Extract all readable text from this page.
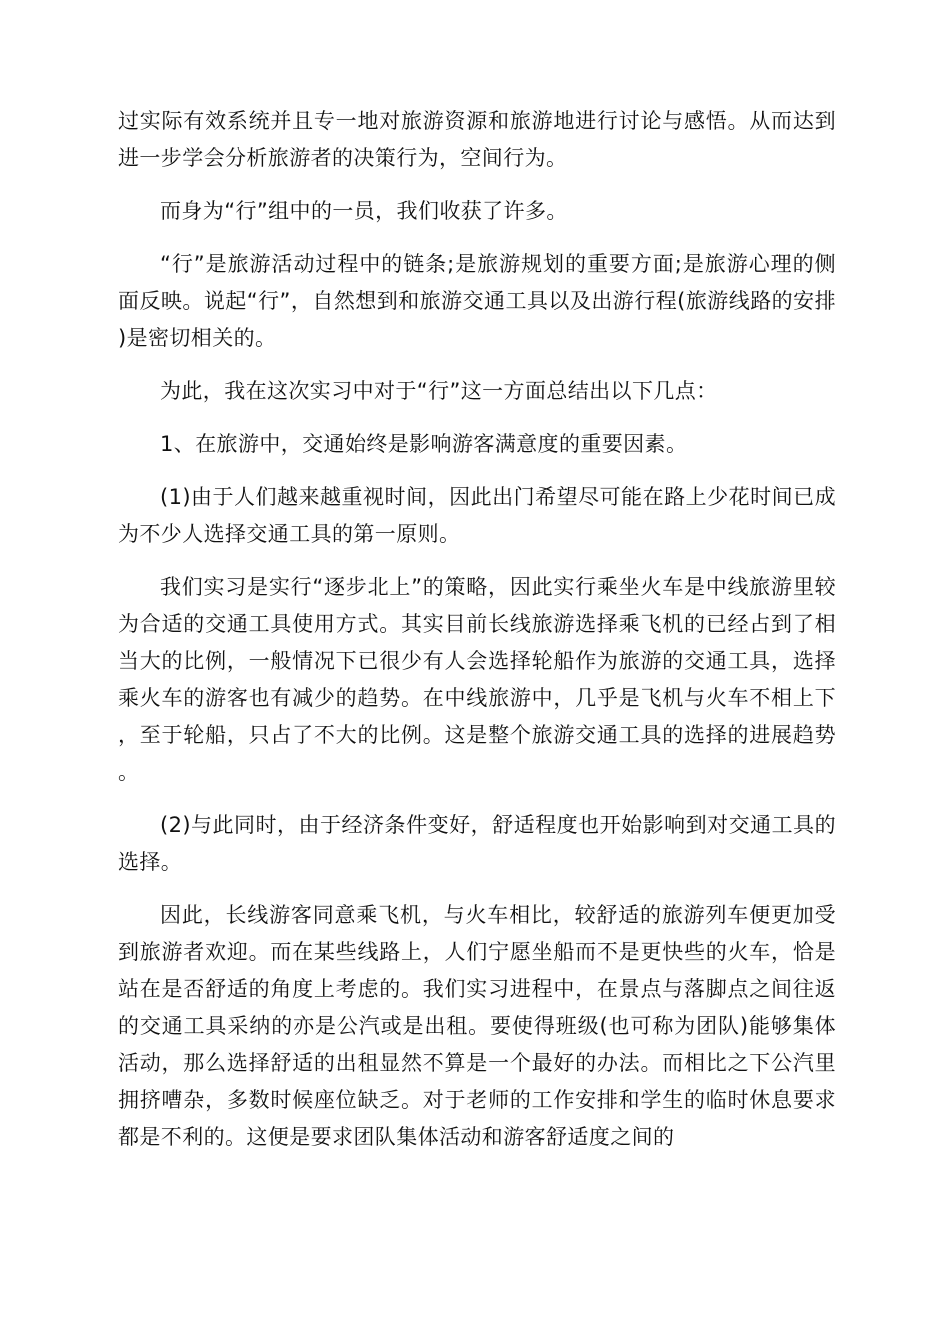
过实际有效系统并且专一地对旅游资源和旅游地进行讨论与感悟。从而达到进一步学会分析旅游者的决策行为，空间行为。

而身为“行”组中的一员，我们收获了许多。

“行”是旅游活动过程中的链条;是旅游规划的重要方面;是旅游心理的侧面反映。说起“行”，自然想到和旅游交通工具以及出游行程(旅游线路的安排)是密切相关的。

为此，我在这次实习中对于“行”这一方面总结出以下几点：

1、在旅游中，交通始终是影响游客满意度的重要因素。

(1)由于人们越来越重视时间，因此出门希望尽可能在路上少花时间已成为不少人选择交通工具的第一原则。

我们实习是实行“逐步北上”的策略，因此实行乘坐火车是中线旅游里较为合适的交通工具使用方式。其实目前长线旅游选择乘飞机的已经占到了相当大的比例，一般情况下已很少有人会选择轮船作为旅游的交通工具，选择乘火车的游客也有减少的趋势。在中线旅游中，几乎是飞机与火车不相上下，至于轮船，只占了不大的比例。这是整个旅游交通工具的选择的进展趋势。

(2)与此同时，由于经济条件变好，舒适程度也开始影响到对交通工具的选择。

因此，长线游客同意乘飞机，与火车相比，较舒适的旅游列车便更加受到旅游者欢迎。而在某些线路上，人们宁愿坐船而不是更快些的火车，恰是站在是否舒适的角度上考虑的。我们实习进程中，在景点与落脚点之间往返的交通工具采纳的亦是公汽或是出租。要使得班级(也可称为团队)能够集体活动，那么选择舒适的出租显然不算是一个最好的办法。而相比之下公汽里拥挤嘈杂，多数时候座位缺乏。对于老师的工作安排和学生的临时休息要求都是不利的。这便是要求团队集体活动和游客舒适度之间的
